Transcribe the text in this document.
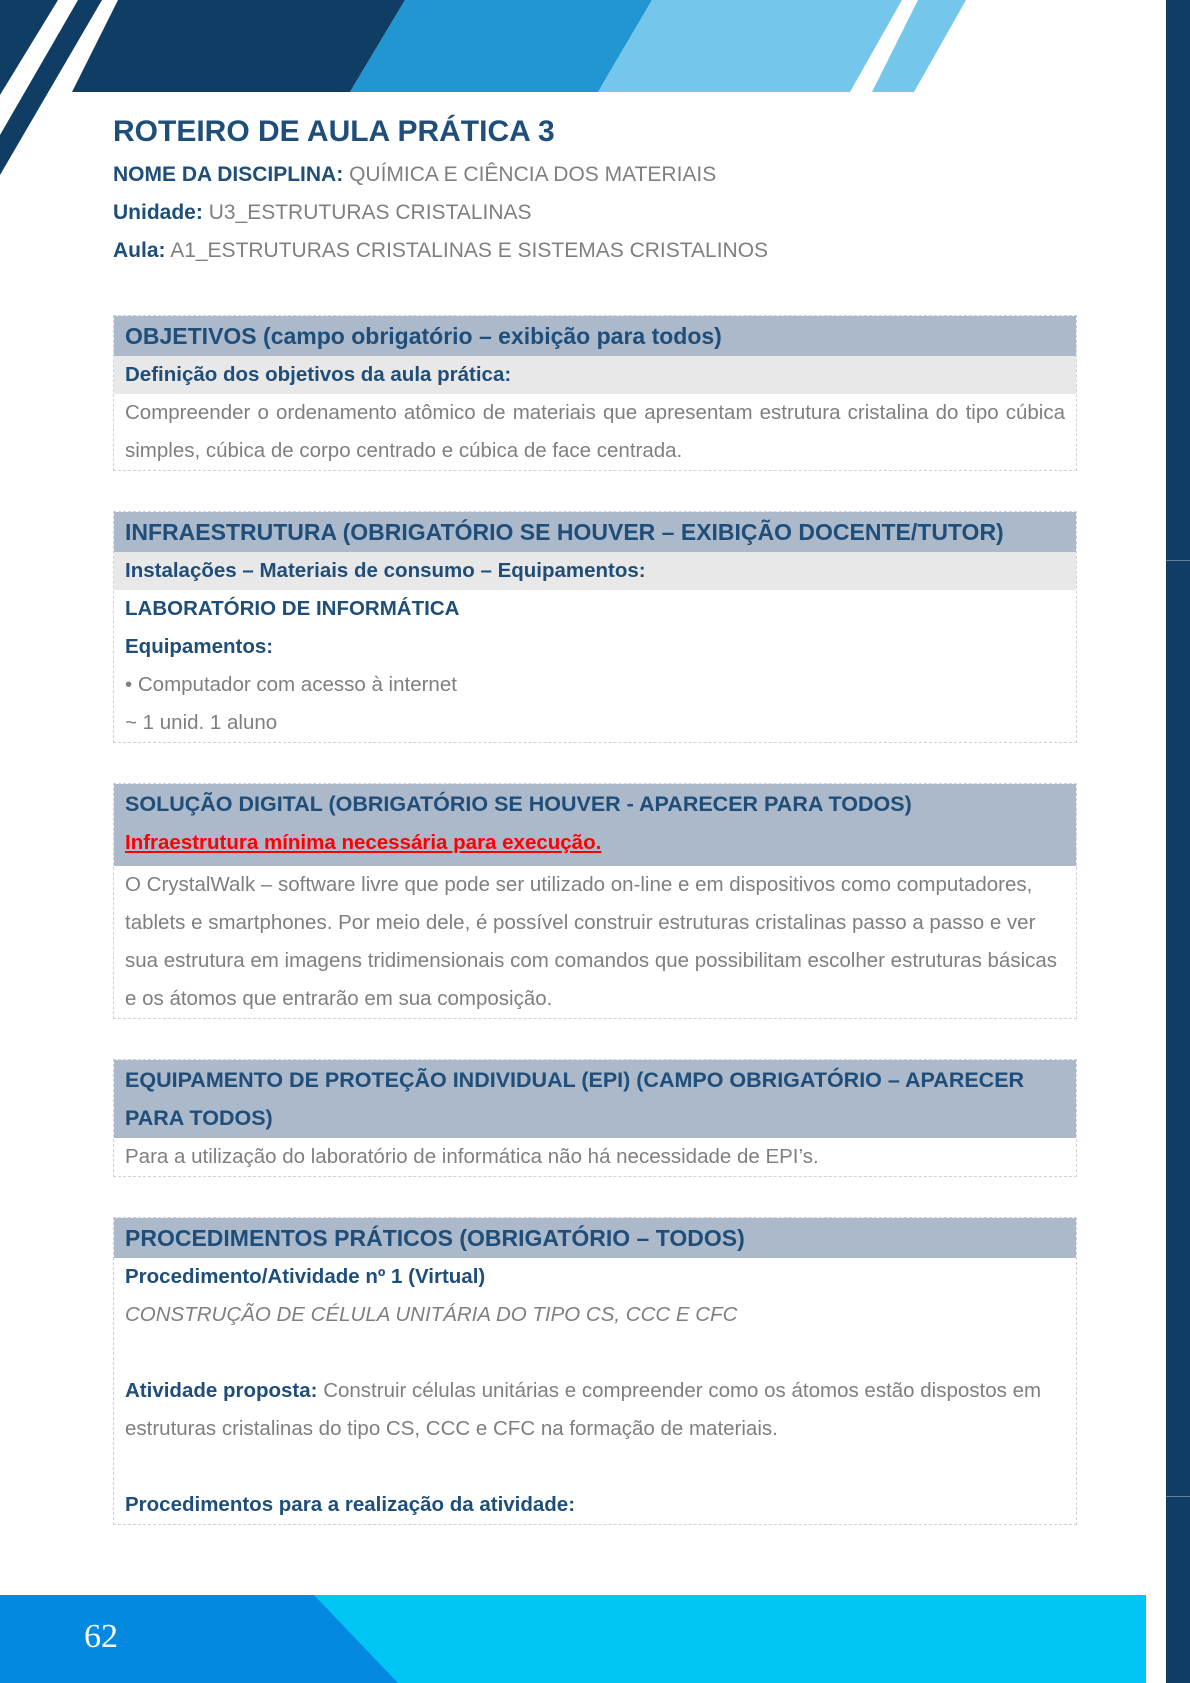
ROTEIRO DE AULA PRÁTICA 3
NOME DA DISCIPLINA: QUÍMICA E CIÊNCIA DOS MATERIAIS
Unidade: U3_ESTRUTURAS CRISTALINAS
Aula: A1_ESTRUTURAS CRISTALINAS E SISTEMAS CRISTALINOS
OBJETIVOS (campo obrigatório – exibição para todos)
Definição dos objetivos da aula prática:
Compreender o ordenamento atômico de materiais que apresentam estrutura cristalina do tipo cúbica simples, cúbica de corpo centrado e cúbica de face centrada.
INFRAESTRUTURA (OBRIGATÓRIO SE HOUVER – EXIBIÇÃO DOCENTE/TUTOR)
Instalações – Materiais de consumo – Equipamentos:

LABORATÓRIO DE INFORMÁTICA

Equipamentos:

• Computador com acesso à internet

~ 1 unid. 1 aluno

SOLUÇÃO DIGITAL (OBRIGATÓRIO SE HOUVER - APARECER PARA TODOS)
Infraestrutura mínima necessária para execução.
O CrystalWalk – software livre que pode ser utilizado on-line e em dispositivos como computadores, tablets e smartphones. Por meio dele, é possível construir estruturas cristalinas passo a passo e ver sua estrutura em imagens tridimensionais com comandos que possibilitam escolher estruturas básicas e os átomos que entrarão em sua composição.
EQUIPAMENTO DE PROTEÇÃO INDIVIDUAL (EPI) (CAMPO OBRIGATÓRIO – APARECER PARA TODOS)
Para a utilização do laboratório de informática não há necessidade de EPI’s.
PROCEDIMENTOS PRÁTICOS (OBRIGATÓRIO – TODOS)

Procedimento/Atividade nº 1 (Virtual)

CONSTRUÇÃO DE CÉLULA UNITÁRIA DO TIPO CS, CCC E CFC

Atividade proposta: Construir células unitárias e compreender como os átomos estão dispostos em estruturas cristalinas do tipo CS, CCC e CFC na formação de materiais.

Procedimentos para a realização da atividade:

62
